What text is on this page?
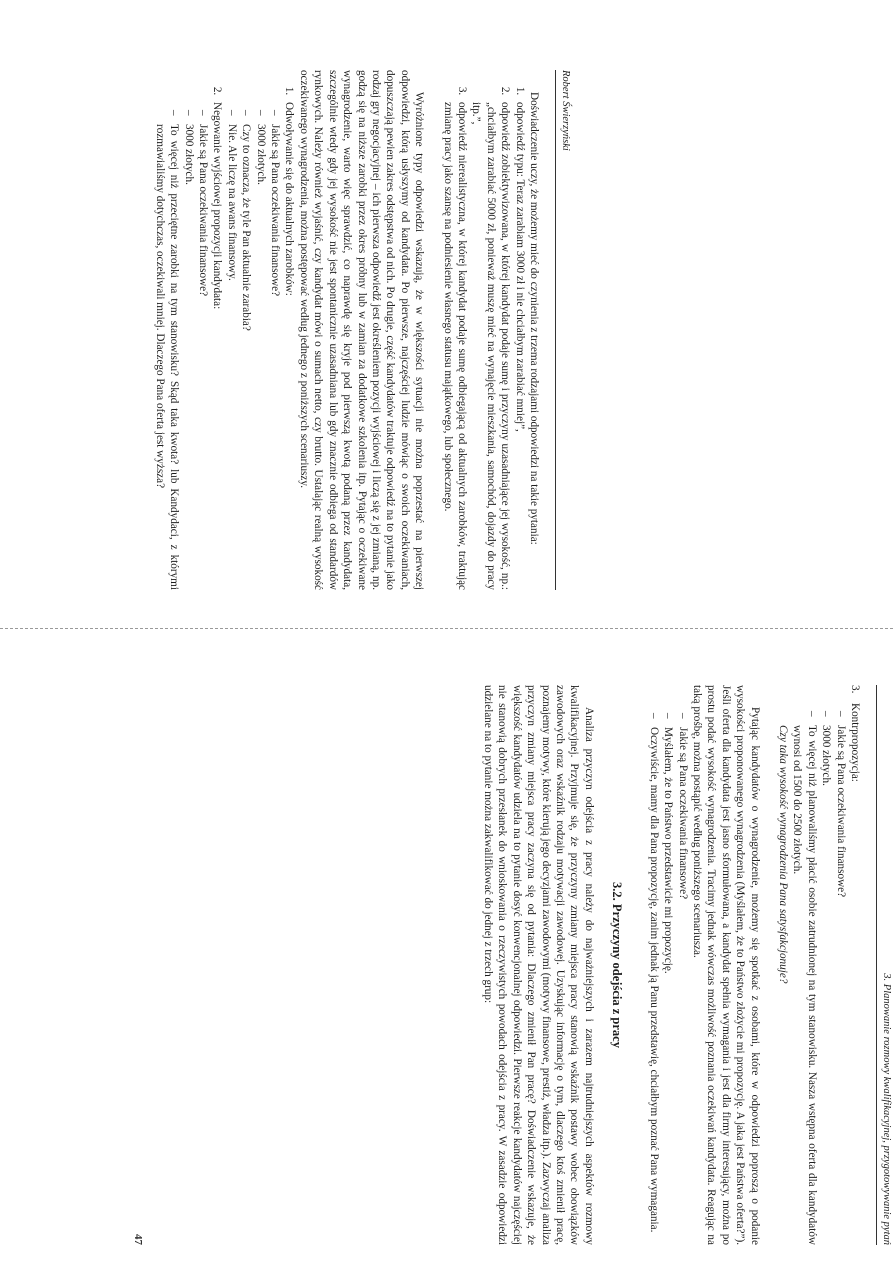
Robert Świerzyński

Doświadczenie uczy, że możemy mieć do czynienia z trzema rodzajami odpowiedzi na takie pytania:

1. odpowiedź typu: Teraz zarabiam 3000 zł i nie chciałbym zarabiać mniej”,
2. odpowiedź zobiektywizowana, w której kandydat podaje sumę i przyczyny uzasadniające jej wysokość, np.: „chciałbym zarabiać 5000 zł, ponieważ muszę mieć na wynajęcie mieszkania, samochód, dojazdy do pracy itp.”,
3. odpowiedź nierealistyczna, w której kandydat podaje sumę odbiegającą od aktualnych zarobków, traktując zmianę pracy jako szansę na podniesienie własnego statusu majątkowego, lub społecznego.

Wyróżnione typy odpowiedzi wskazują, że w większości sytuacji nie można poprzestać na pierwszej odpowiedzi, którą usłyszymy od kandydata. Po pierwsze, najczęściej ludzie mówiąc o swoich oczekiwaniach, dopuszczają pewien zakres odstępstwa od nich. Po drugie, część kandydatów traktuje odpowiedź na to pytanie jako rodzaj gry negocjacyjnej – ich pierwsza odpowiedź jest określeniem pozycji wyjściowej i liczą się z jej zmianą, np. godzą się na niższe zarobki przez okres próbny lub w zamian za dodatkowe szkolenia itp. Pytając o oczekiwane wynagrodzenie, warto więc sprawdzić, co naprawdę się kryje pod pierwszą kwotą podaną przez kandydata, szczególnie wtedy gdy jej wysokość nie jest spontanicznie uzasadniana lub gdy znacznie odbiega od standardów rynkowych. Należy również wyjaśnić, czy kandydat mówi o sumach netto, czy brutto. Ustalając realną wysokość oczekiwanego wynagrodzenia, można postępować według jednego z poniższych scenariuszy.

1. Odwoływanie się do aktualnych zarobków:
– Jakie są Pana oczekiwania finansowe?
– 3000 złotych.
– Czy to oznacza, że tyle Pan aktualnie zarabia?
– Nie. Ale liczę na awans finansowy.
2. Negowanie wyjściowej propozycji kandydata:
– Jakie są Pana oczekiwania finansowe?
– 3000 złotych.
– To więcej niż przeciętne zarobki na tym stanowisku? Skąd taka kwota? lub Kandydaci, z którymi rozmawialiśmy dotychczas, oczekiwali mniej. Dlaczego Pana oferta jest wyższa?
3. Planowanie rozmowy kwalifikacyjnej, przygotowywanie pytań
3.
Kontrpropozycja:
– Jakie są Pana oczekiwania finansowe?
– 3000 złotych.
– To więcej niż planowaliśmy płacić osobie zatrudnionej na tym stanowisku. Nasza wstępna oferta dla kandydatów wynosi od 1500 do 2500 złotych.

Czy taka wysokość wynagrodzenia Pana satysfakcjonuje?

Pytając kandydatów o wynagrodzenie, możemy się spotkać z osobami, które w odpowiedzi poproszą o podanie wysokości proponowanego wynagrodzenia (Myślałem, że to Państwo złożycie mi propozycję. A jaka jest Państwa oferta?”). Jeśli oferta dla kandydata jest jasno sformułowana, a kandydat spełnia wymagania i jest dla firmy interesujący, można po prostu podać wysokość wynagrodzenia. Tracimy jednak wówczas możliwość poznania oczekiwań kandydata. Reagując na taką prośbę, można postąpić według poniższego scenariusza.

– Jakie są Pana oczekiwania finansowe?
– Myślałem, że to Państwo przedstawicie mi propozycję.
– Oczywiście, mamy dla Pana propozycję, zanim jednak ją Panu przedstawię, chciałbym poznać Pana wymagania.
3.2. Przyczyny odejścia z pracy

Analiza przyczyn odejścia z pracy należy do najważniejszych i zarazem najtrudniejszych aspektów rozmowy kwalifikacyjnej. Przyjmuje się, że przyczyny zmiany miejsca pracy stanowią wskaźnik postawy wobec obowiązków zawodowych oraz wskaźnik rodzaju motywacji zawodowej. Uzyskując informację o tym, dlaczego ktoś zmienił pracę, poznajemy motywy, które kierują jego decyzjami zawodowymi (motywy finansowe, prestiż, władza itp.). Zazwyczaj analiza przyczyn zmiany miejsca pracy zaczyna się od pytania: Dlaczego zmienił Pan pracę? Doświadczenie wskazuje, że większość kandydatów udziela na to pytanie dosyć konwencjonalnej odpowiedzi. Pierwsze reakcje kandydatów najczęściej nie stanowią dobrych przesłanek do wnioskowania o rzeczywistych powodach odejścia z pracy. W zasadzie odpowiedzi udzielane na to pytanie można zakwalifikować do jednej z trzech grup:

47
